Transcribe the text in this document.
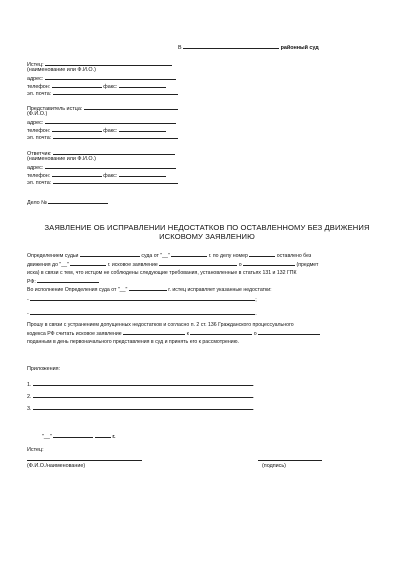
В	районный суд
Истец:
(наименование или Ф.И.О.)
адрес:
телефон:	факс:
эл. почта:
Представитель истца:
(Ф.И.О.)
адрес:
телефон:	факс:
эл. почта:
Ответчик:
(наименование или Ф.И.О.)
адрес:
телефон:	факс:
эл. почта:
Дело №
ЗАЯВЛЕНИЕ ОБ ИСПРАВЛЕНИИ НЕДОСТАТКОВ ПО ОСТАВЛЕННОМУ БЕЗ ДВИЖЕНИЯ
ИСКОВОМУ ЗАЯВЛЕНИЮ
Определением судьи	суда от "__"	г. по делу номер	оставлено без
движения до "__"	г. исковое заявление	о	(предмет
иска) в связи с тем, что истцом не соблюдены следующие требования, установленные в статьях 131 и 132 ГПК
РФ:
Во исполнение Определения суда от "__"	г. истец исправляет указанные недостатки:
-	;
-	.
Прошу в связи с устранением допущенных недостатков и согласно п. 2 ст. 136 Гражданского процессуального
кодекса РФ считать исковое заявление	к	о
поданным в день первоначального представления в суд и принять его к рассмотрению.
Приложения:
1.	.
2.	.
3.	.
"__"	г.
Истец:
(Ф.И.О./наименование)	(подпись)
